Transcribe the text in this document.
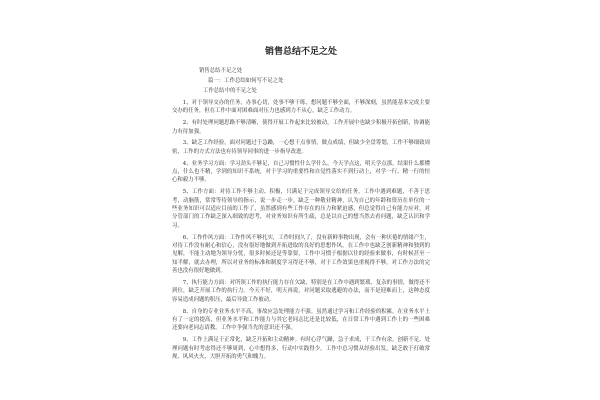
销售总结不足之处
销售总结不足之处
篇一：工作总结如何写不足之处
工作总结中的不足之处

1、对于领导交办的任务，办事心切，处事不够干练，想问题不够全面，不够深刻，虽然能基本完成主要交办的任务，但在工作中面对困难面对压力也感到力不从心，缺乏工作动力。

2、有时处理问题思路不够清晰，使得开展工作起来比较被动，工作开展中也缺少积极开拓创新，协调能力有待加强。

3、缺乏工作经验，面对问题过于急躁，一心想干点事情，做点成绩，但缺少全盘筹划，工作不够细致周密，工作的方式方法也有待领导同事的进一步指导改进。

4、业务学习方面：学习劲头不够足，自己习惯性什么学什么，今天学点这，明天学点那，结果什么都懂点，什么也不精，学到的知识不系统，对于学习的重要性和自觉性落实不到行动上，对学一行、精一行的恒心和毅力不够。

5、工作方面：对待工作不够主动、积极，只满足于完成领导交给的任务，工作中遇到难题，不善于思考，动脑筋，常常等待领导的指示，说一步走一步。缺乏一种敬业精神，认为自己的年龄和资历在单位的一些业务知识可以适应目前的工作了，虽然感到有些工作存在的压力和紧迫感，但总觉得自己有能力应对，对分管部门的工作缺乏深入细致的思考，对业务知识有所生疏，总是以自己的想当然去看问题，缺乏认识和学习。

6、工作作风方面：工作作风不够扎实，工作时间久了，没有新鲜事物出现，会有一种厌倦的情绪产生，对待工作没有耐心和信心，没有很好地做到开拓进取的良好的思想作风。在工作中也缺乏创新精神和独到的见解，不能主动地为领导分忧，很多时候还是等靠要，工作中习惯于根据以往的经验来做事，有时候甚至一知半解，就去办理，所以对业务的标准和制度学习得还不够，对于工作效果也重视得不够，对工作方法的完善也没有很好地做到。

7、执行能力方面：对所领工作的执行能力存在欠缺，特别是在工作中遇到繁琐、复杂的事情，做得还不到位，缺乏开展工作的执行力。今天不好，明天再说，对问题采取逃避的办法，而不是迎难而上，这种态度容易造成问题的积压，最后导致工作被动。

8、自身的专业业务水平不高，事故应急处理能力不强。虽然通过学习和工作经验的积累，在业务水平上有了一定的提高，但业务水平和工作能力与其它老同志比还是比较低，在日常工作中遇到工作上的一些困难还要向老同志请教，工作中争强当先的意识还不强。

9、工作上满足于正常化，缺乏开拓和主动精神。有时心浮气躁，急于求成，干工作有余，创新不足，处理问题有时考虑得还不够周到，心中想得多，行动中实践得少。工作中总习惯从经验出发，缺乏敢于打破常规、风风火火、大胆开拓的勇气和魄力。
